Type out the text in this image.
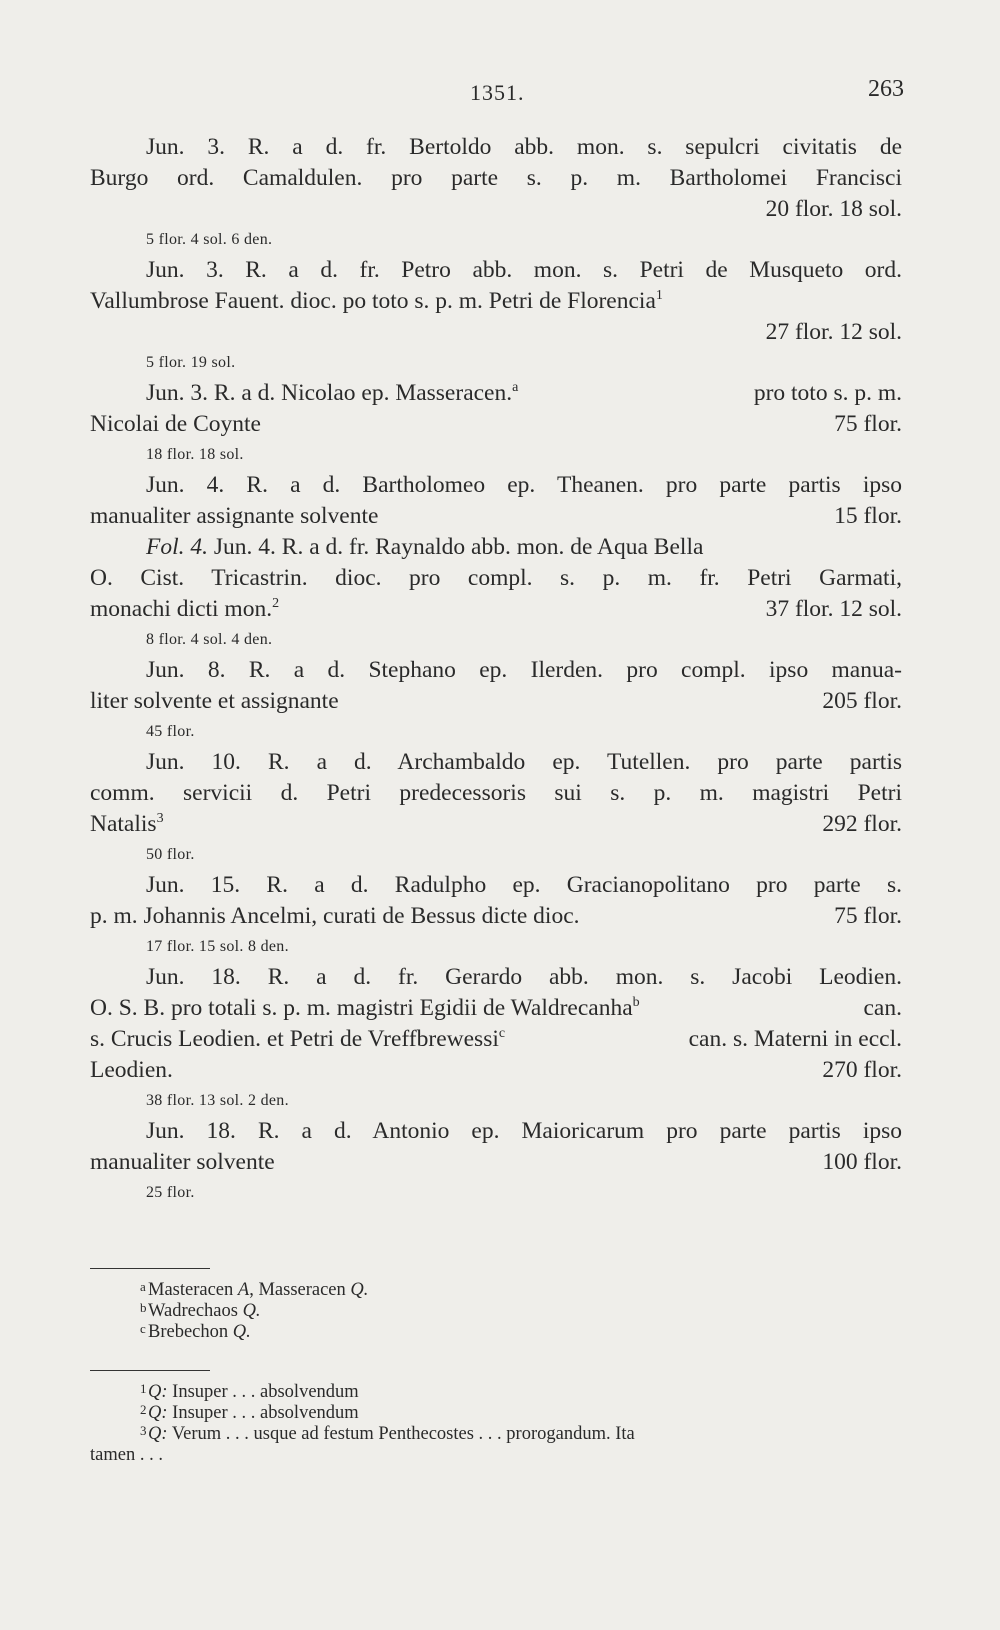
1351.	263
Jun. 3. R. a d. fr. Bertoldo abb. mon. s. sepulcri civitatis de
Burgo ord. Camaldulen. pro parte s. p. m. Bartholomei Francisci
20 flor. 18 sol.
5 flor. 4 sol. 6 den.
Jun. 3. R. a d. fr. Petro abb. mon. s. Petri de Musqueto ord.
Vallumbrose Fauent. dioc. po toto s. p. m. Petri de Florencia$^1$
27 flor. 12 sol.
5 flor. 19 sol.
Jun. 3. R. a d. Nicolao ep. Masseracen.$^a$	pro toto s. p. m.
Nicolai de Coynte	75 flor.
18 flor. 18 sol.
Jun. 4. R. a d. Bartholomeo ep. Theanen. pro parte partis ipso
manualiter assignante solvente	15 flor.
Fol. 4. Jun. 4. R. a d. fr. Raynaldo abb. mon. de Aqua Bella
O. Cist. Tricastrin. dioc. pro compl. s. p. m. fr. Petri Garmati,
monachi dicti mon.$^2$	37 flor. 12 sol.
8 flor. 4 sol. 4 den.
Jun. 8. R. a d. Stephano ep. Ilerden. pro compl. ipso manua-
liter solvente et assignante	205 flor.
45 flor.
Jun. 10. R. a d. Archambaldo ep. Tutellen. pro parte partis
comm. servicii d. Petri predecessoris sui s. p. m. magistri Petri
Natalis$^3$	292 flor.
50 flor.
Jun. 15. R. a d. Radulpho ep. Gracianopolitano pro parte s.
p. m. Johannis Ancelmi, curati de Bessus dicte dioc.	75 flor.
17 flor. 15 sol. 8 den.
Jun. 18. R. a d. fr. Gerardo abb. mon. s. Jacobi Leodien.
O. S. B. pro totali s. p. m. magistri Egidii de Waldrecanha$^b$	can.
s. Crucis Leodien. et Petri de Vreffbrewessi$^c$	can. s. Materni in eccl.
Leodien.	270 flor.
38 flor. 13 sol. 2 den.
Jun. 18. R. a d. Antonio ep. Maioricarum pro parte partis ipso
manualiter solvente	100 flor.
25 flor.
a Masteracen A, Masseracen Q.
b Wadrechaos Q.
c Brebechon Q.
1 Q: Insuper . . . absolvendum
2 Q: Insuper . . . absolvendum
3 Q: Verum . . . usque ad festum Penthecostes . . . prorogandum. Ita
tamen . . .
